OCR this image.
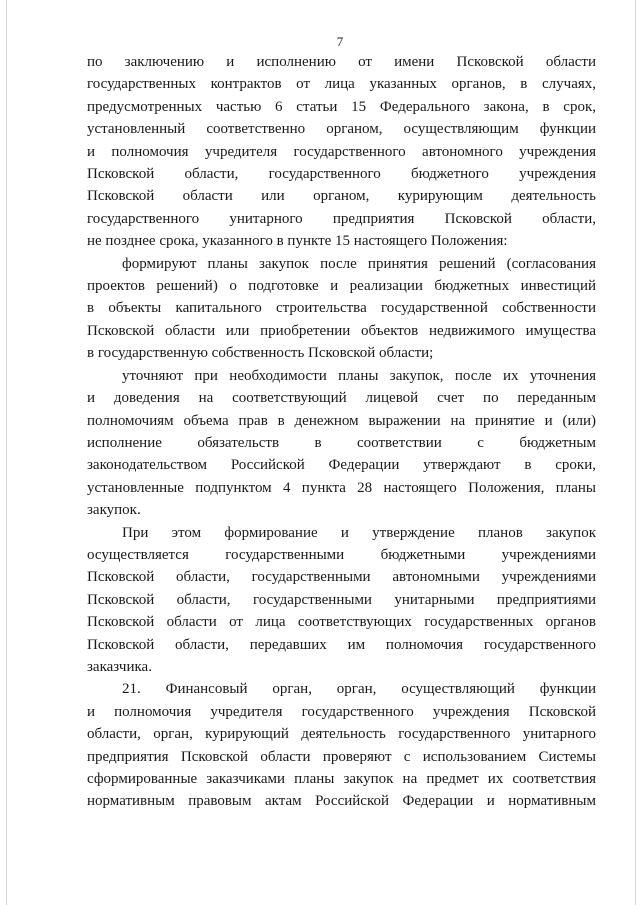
7

по заключению и исполнению от имени Псковской области

государственных контрактов от лица указанных органов, в случаях,

предусмотренных частью 6 статьи 15 Федерального закона, в срок,

установленный соответственно органом, осуществляющим функции

и полномочия учредителя государственного автономного учреждения

Псковской области, государственного бюджетного учреждения

Псковской области или органом, курирующим деятельность

государственного унитарного предприятия Псковской области,

не позднее срока, указанного в пункте 15 настоящего Положения:

формируют планы закупок после принятия решений (согласования

проектов решений) о подготовке и реализации бюджетных инвестиций

в объекты капитального строительства государственной собственности

Псковской области или приобретении объектов недвижимого имущества

в государственную собственность Псковской области;

уточняют при необходимости планы закупок, после их уточнения

и доведения на соответствующий лицевой счет по переданным

полномочиям объема прав в денежном выражении на принятие и (или)

исполнение обязательств в соответствии с бюджетным

законодательством Российской Федерации утверждают в сроки,

установленные подпунктом 4 пункта 28 настоящего Положения, планы

закупок.

При этом формирование и утверждение планов закупок

осуществляется государственными бюджетными учреждениями

Псковской области, государственными автономными учреждениями

Псковской области, государственными унитарными предприятиями

Псковской области от лица соответствующих государственных органов

Псковской области, передавших им полномочия государственного

заказчика.

21. Финансовый орган, орган, осуществляющий функции

и полномочия учредителя государственного учреждения Псковской

области, орган, курирующий деятельность государственного унитарного

предприятия Псковской области проверяют с использованием Системы

сформированные заказчиками планы закупок на предмет их соответствия

нормативным правовым актам Российской Федерации и нормативным
